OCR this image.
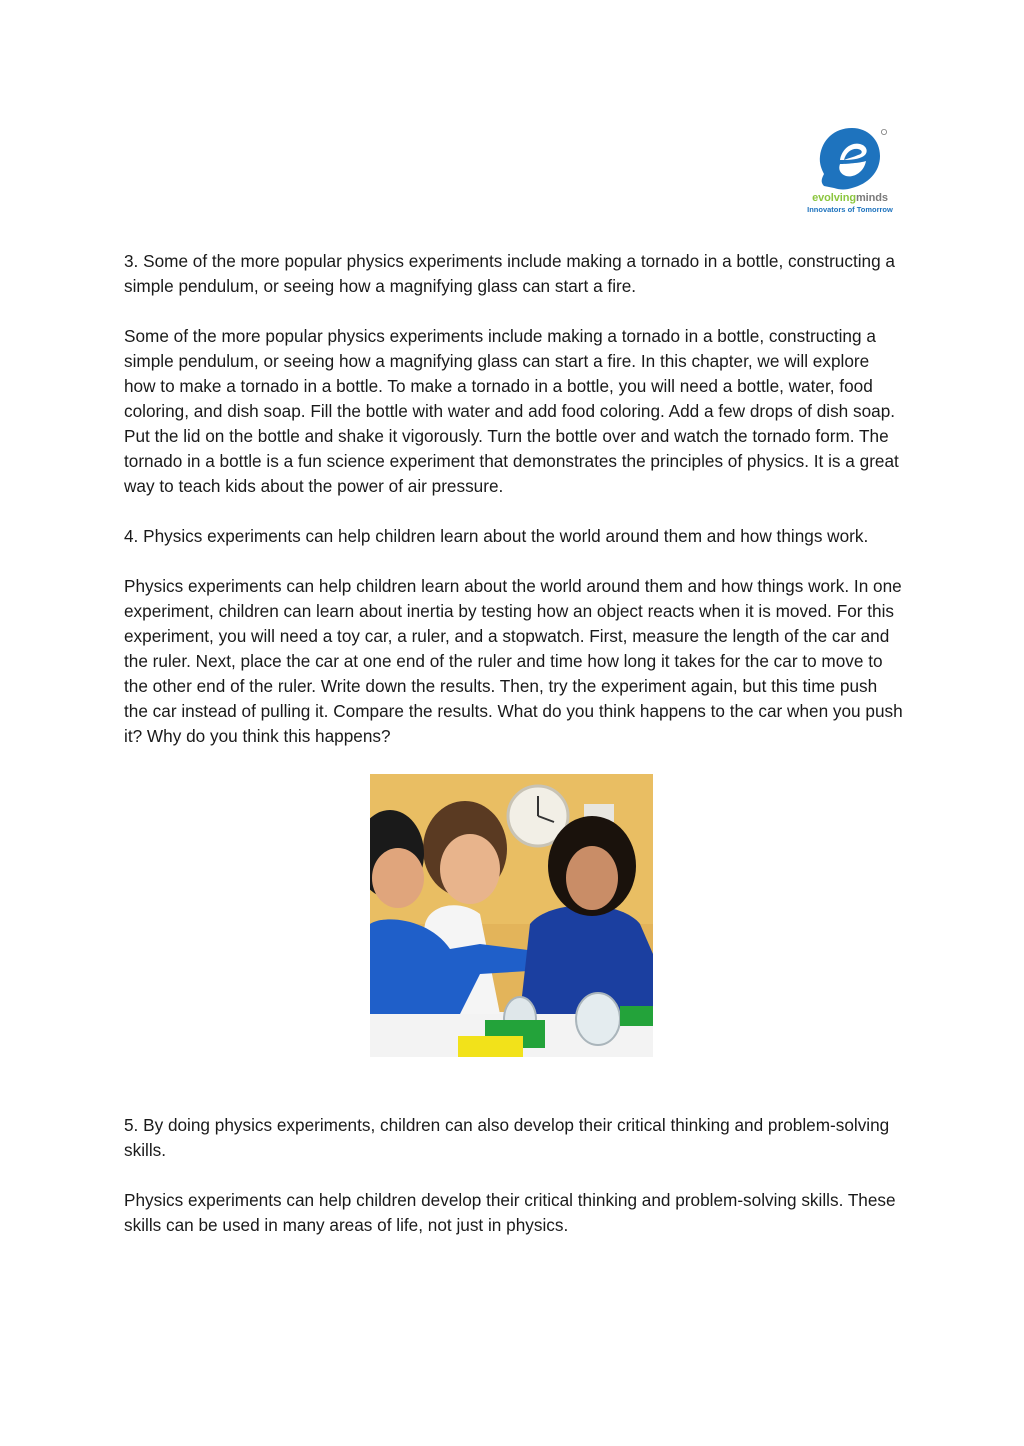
evolvingminds
Innovators of Tomorrow

3. Some of the more popular physics experiments include making a tornado in a bottle, constructing a simple pendulum, or seeing how a magnifying glass can start a fire.

Some of the more popular physics experiments include making a tornado in a bottle, constructing a simple pendulum, or seeing how a magnifying glass can start a fire. In this chapter, we will explore how to make a tornado in a bottle. To make a tornado in a bottle, you will need a bottle, water, food coloring, and dish soap. Fill the bottle with water and add food coloring. Add a few drops of dish soap. Put the lid on the bottle and shake it vigorously. Turn the bottle over and watch the tornado form. The tornado in a bottle is a fun science experiment that demonstrates the principles of physics. It is a great way to teach kids about the power of air pressure.

4. Physics experiments can help children learn about the world around them and how things work.

Physics experiments can help children learn about the world around them and how things work. In one experiment, children can learn about inertia by testing how an object reacts when it is moved. For this experiment, you will need a toy car, a ruler, and a stopwatch. First, measure the length of the car and the ruler. Next, place the car at one end of the ruler and time how long it takes for the car to move to the other end of the ruler. Write down the results. Then, try the experiment again, but this time push the car instead of pulling it. Compare the results. What do you think happens to the car when you push it? Why do you think this happens?

5. By doing physics experiments, children can also develop their critical thinking and problem-solving skills.

Physics experiments can help children develop their critical thinking and problem-solving skills. These skills can be used in many areas of life, not just in physics.
